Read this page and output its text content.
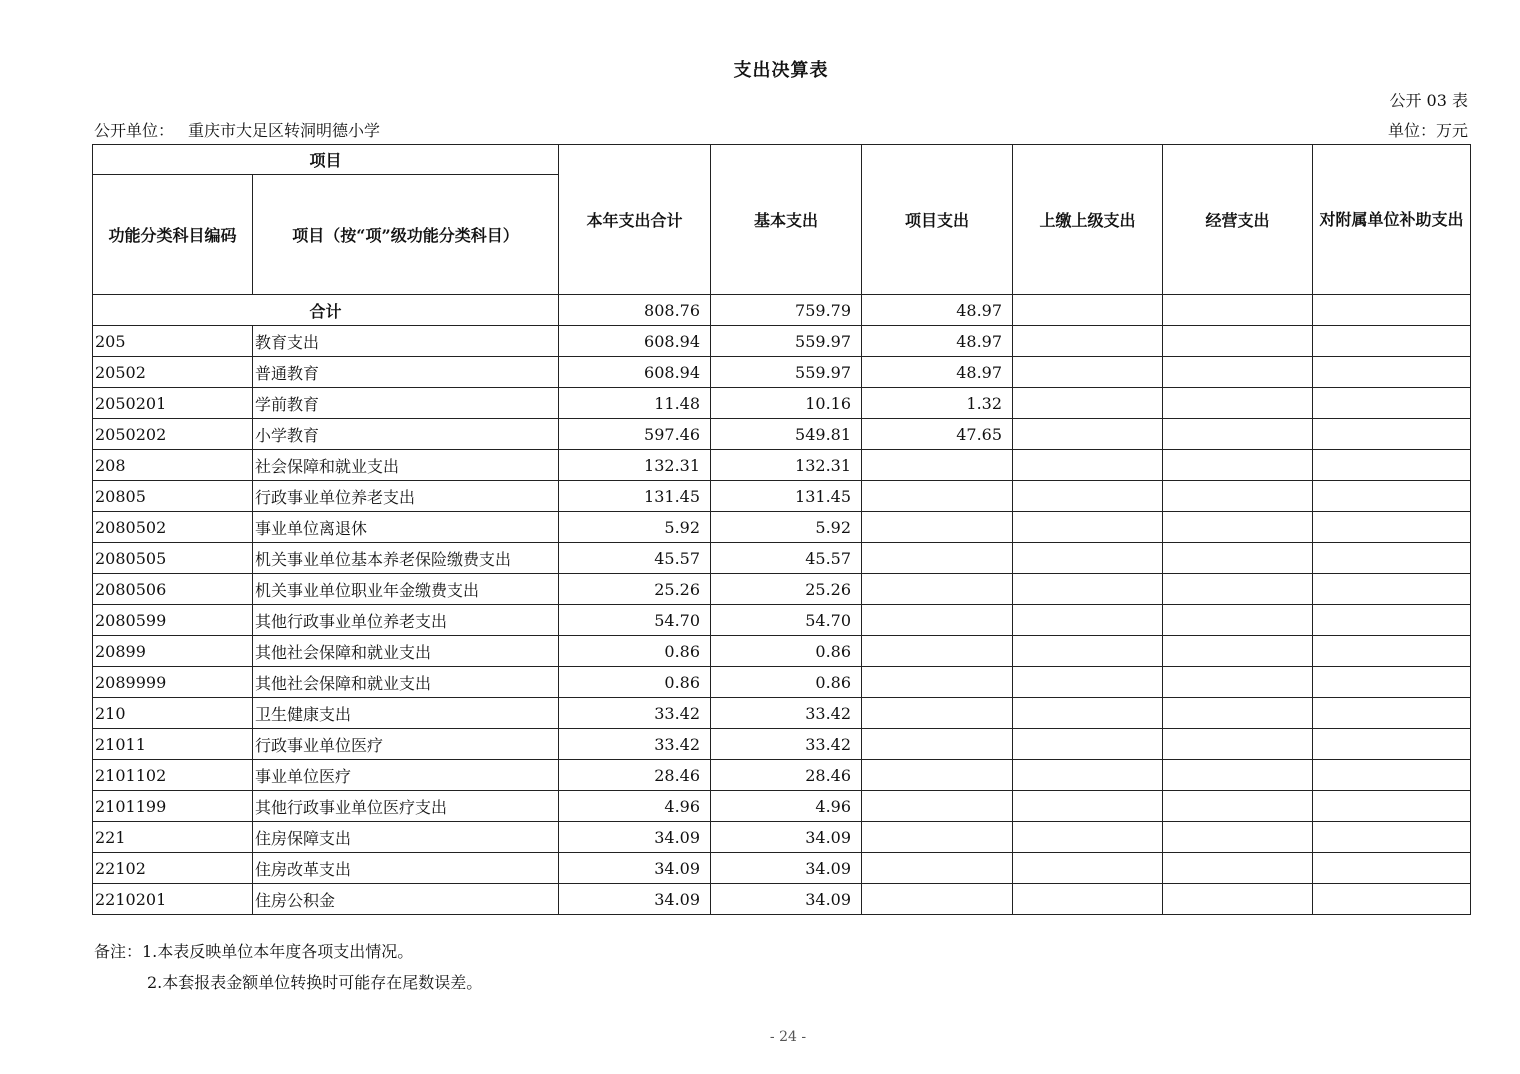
支出决算表
公开 03 表
公开单位： 重庆市大足区转洞明德小学	单位：万元
项目		本年支出合计	基本支出	项目支出	上缴上级支出	经营支出	对附属单位补助支出
功能分类科目编码	项目（按“项”级功能分类科目）						
合计		808.76	759.79	48.97			
205	教育支出	608.94	559.97	48.97			
20502	普通教育	608.94	559.97	48.97			
2050201	学前教育	11.48	10.16	1.32			
2050202	小学教育	597.46	549.81	47.65			
208	社会保障和就业支出	132.31	132.31				
20805	行政事业单位养老支出	131.45	131.45				
2080502	事业单位离退休	5.92	5.92				
2080505	机关事业单位基本养老保险缴费支出	45.57	45.57				
2080506	机关事业单位职业年金缴费支出	25.26	25.26				
2080599	其他行政事业单位养老支出	54.70	54.70				
20899	其他社会保障和就业支出	0.86	0.86				
2089999	其他社会保障和就业支出	0.86	0.86				
210	卫生健康支出	33.42	33.42				
21011	行政事业单位医疗	33.42	33.42				
2101102	事业单位医疗	28.46	28.46				
2101199	其他行政事业单位医疗支出	4.96	4.96				
221	住房保障支出	34.09	34.09				
22102	住房改革支出	34.09	34.09				
2210201	住房公积金	34.09	34.09				
备注：1.本表反映单位本年度各项支出情况。
2.本套报表金额单位转换时可能存在尾数误差。
- 24 -
